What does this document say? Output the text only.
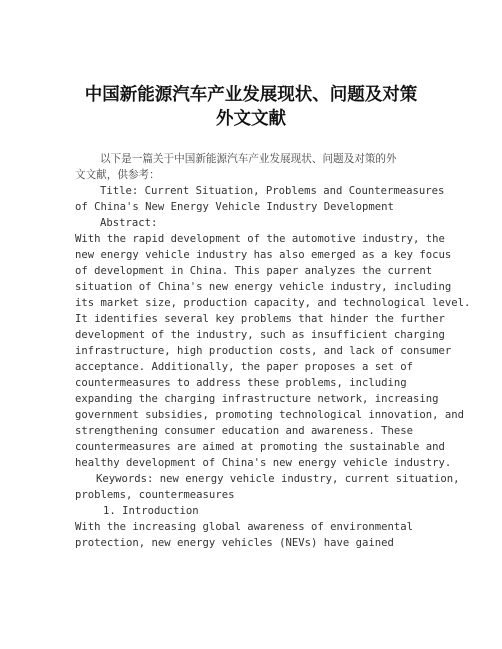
中国新能源汽车产业发展现状、问题及对策
外文文献
以下是一篇关于中国新能源汽车产业发展现状、问题及对策的外
文文献，供参考：
Title: Current Situation, Problems and Countermeasures
of China's New Energy Vehicle Industry Development
Abstract:
With the rapid development of the automotive industry, the
new energy vehicle industry has also emerged as a key focus
of development in China. This paper analyzes the current
situation of China's new energy vehicle industry, including
its market size, production capacity, and technological level.
It identifies several key problems that hinder the further
development of the industry, such as insufficient charging
infrastructure, high production costs, and lack of consumer
acceptance. Additionally, the paper proposes a set of
countermeasures to address these problems, including
expanding the charging infrastructure network, increasing
government subsidies, promoting technological innovation, and
strengthening consumer education and awareness. These
countermeasures are aimed at promoting the sustainable and
healthy development of China's new energy vehicle industry.
Keywords: new energy vehicle industry, current situation,
problems, countermeasures
1. Introduction
With the increasing global awareness of environmental
protection, new energy vehicles (NEVs) have gained
